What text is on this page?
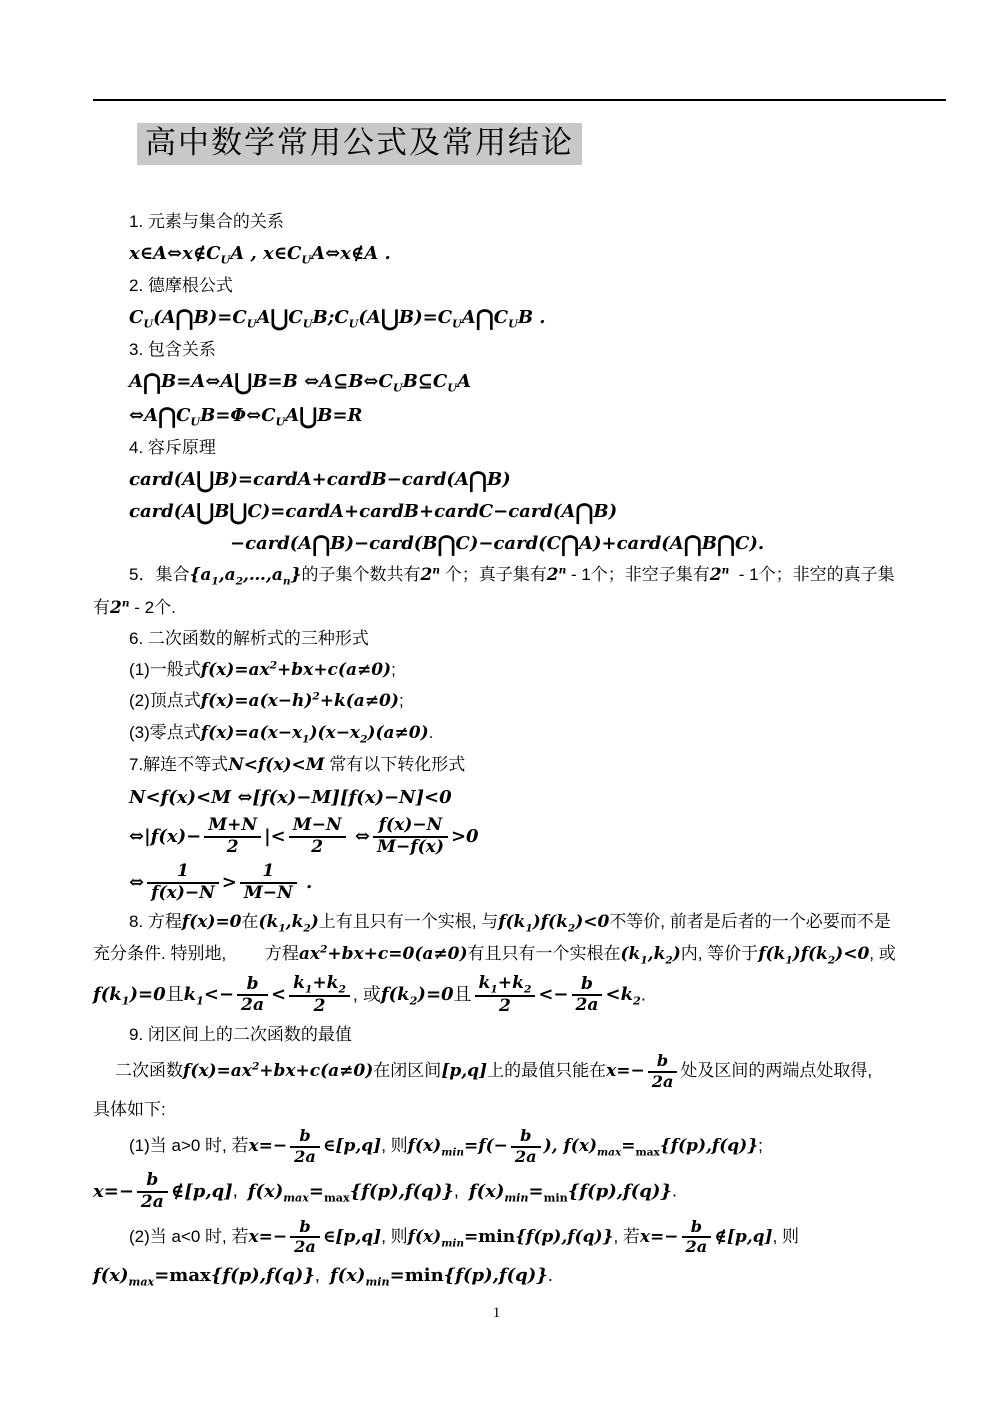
高中数学常用公式及常用结论
1. 元素与集合的关系
$x\in A\Leftrightarrow x\notin C_UA$ , $x\in C_UA\Leftrightarrow x\notin A$ .
2. 德摩根公式
$C_U(A⋂B)=C_UA⋃C_UB;C_U(A⋃B)=C_UA⋂C_UB$ .
3. 包含关系
A⋂B=A⇔A⋃B=B $\Leftrightarrow A⊆B\Leftrightarrow C_UB⊆C_UA$
$\Leftrightarrow A⋂C_UB=\Phi\Leftrightarrow C_UA⋃B=R$
4. 容斥原理
card(A⋃B)=cardA+cardB−card(A⋂B)
card(A⋃B⋃C)=cardA+cardB+cardC−card(A⋂B)
−card(A⋂B)−card(B⋂C)−card(C⋂A)+card(A⋂B⋂C).
5．集合$\{a_1,a_2,\dots,a_n\}$的子集个数共有2$^n$ 个；真子集有2$^n$ - 1个；非空子集有2$^n$  - 1个；非空的真子集
有2$^n$ - 2个.
6. 二次函数的解析式的三种形式
(1)一般式$f(x)=ax^2+bx+c(a\ne 0)$;
(2)顶点式$f(x)=a(x-h)^2+k(a\ne 0)$;
(3)零点式$f(x)=a(x-x_1)(x-x_2)(a\ne 0)$.
7.解连不等式N<f(x)<M 常有以下转化形式
N<f(x)<M ⇔[f(x)−M][f(x)−N]<0
⇔|f(x)− $\frac{M+N}{2}$ |< $\frac{M-N}{2}$ ⇔ $\frac{f(x)-N}{M-f(x)} >0$
⇔ $\frac{1}{f(x)-N} > \frac{1}{M-N}$ .
8. 方程f(x)=0在$(k_1,k_2)$上有且只有一个实根, 与$f(k_1)f(k_2)<0$不等价, 前者是后者的一个必要而不是
充分条件. 特别地,　　 方程$ax^2+bx+c=0(a\ne 0)$有且只有一个实根在$(k_1,k_2)$内, 等价于$f(k_1)f(k_2)<0$, 或
$f(k_1)=0$且$k_1<- \frac{b}{2a} < \frac{k_1+k_2}{2}$ , 或$f(k_2)=0$且 $\frac{k_1+k_2}{2} <- \frac{b}{2a} <k_2$.
9. 闭区间上的二次函数的最值
二次函数$f(x)=ax^2+bx+c(a\ne 0)$在闭区间[p,q]上的最值只能在$x=- \frac{b}{2a}$ 处及区间的两端点处取得,
具体如下:
(1)当 a>0 时, 若$x=- \frac{b}{2a}$ ∈[p,q], 则$f(x)_{min}=f(- \frac{b}{2a}$ ), $f(x)_{max}=_{max}\{f(p),f(q)\}$;
$x=- \frac{b}{2a}$ ∉[p,q],  $f(x)_{max}=_{max}\{f(p),f(q)\}$,  $f(x)_{min}=_{min}\{f(p),f(q)\}$.
(2)当 a<0 时, 若$x=- \frac{b}{2a}$ ∈[p,q], 则$f(x)_{min}=\min\{f(p),f(q)\}$, 若$x=- \frac{b}{2a}$ ∉[p,q], 则
$f(x)_{max}=\max\{f(p),f(q)\}$,  $f(x)_{min}=\min\{f(p),f(q)\}$.
1
